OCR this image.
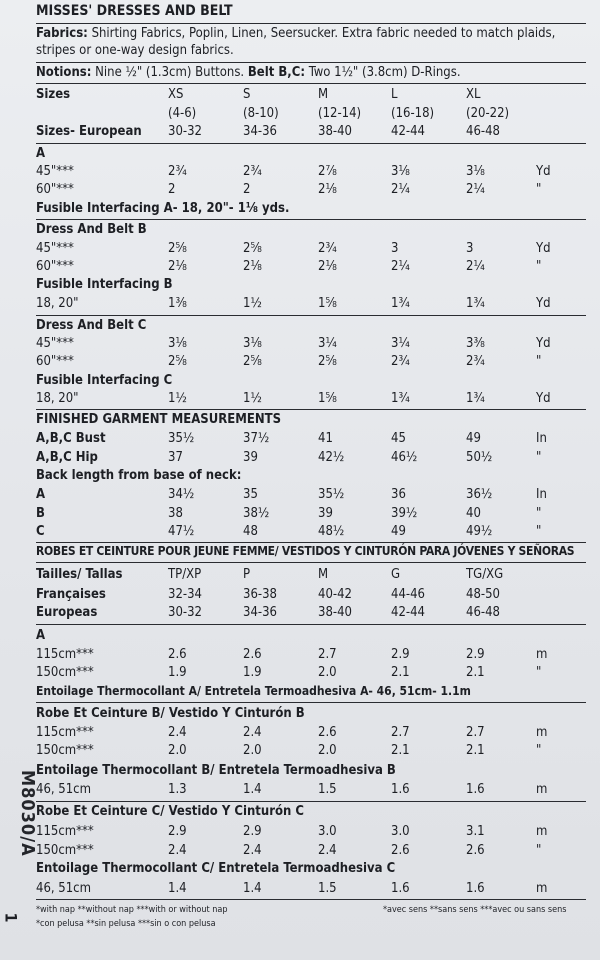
MISSES' DRESSES AND BELT
Fabrics: Shirting Fabrics, Poplin, Linen, Seersucker. Extra fabric needed to match plaids,
stripes or one-way design fabrics.
Notions: Nine ½" (1.3cm) Buttons. Belt B,C: Two 1½" (3.8cm) D-Rings.
Sizes	XS	S	M	L	XL
(4-6)	(8-10)	(12-14) (16-18) (20-22)
Sizes- European 30-32	34-36	38-40	42-44	46-48
A
45"***	2¾	2¾	2⅞	3⅛	3⅛	Yd
60"***	2	2	2⅛	2¼	2¼	"
Fusible Interfacing A- 18, 20"- 1⅛ yds.
Dress And Belt B
45"***	2⅝	2⅝	2¾	3	3	Yd
60"***	2⅛	2⅛	2⅛	2¼	2¼	"
Fusible Interfacing B
18, 20"	1⅜	1½	1⅝	1¾	1¾	Yd
Dress And Belt C
45"***	3⅛	3⅛	3¼	3¼	3⅜	Yd
60"***	2⅝	2⅝	2⅝	2¾	2¾	"
Fusible Interfacing C
18, 20"	1½	1½	1⅝	1¾	1¾	Yd
FINISHED GARMENT MEASUREMENTS
A,B,C Bust	35½	37½	41	45	49	In
A,B,C Hip	37	39	42½	46½	50½	"
Back length from base of neck:
A	34½	35	35½	36	36½	In
B	38	38½	39	39½	40	"
C	47½	48	48½	49	49½	"
ROBES ET CEINTURE POUR JEUNE FEMME/ VESTIDOS Y CINTURÓN PARA JÓVENES Y SEÑORAS
Tailles/ Tallas	TP/XP	P	M	G	TG/XG
Françaises	32-34	36-38	40-42	44-46	48-50
Europeas	30-32	34-36	38-40	42-44	46-48
A
115cm***	2.6	2.6	2.7	2.9	2.9	m
150cm***	1.9	1.9	2.0	2.1	2.1	"
Entoilage Thermocollant A/ Entretela Termoadhesiva A- 46, 51cm- 1.1m
Robe Et Ceinture B/ Vestido Y Cinturón B
115cm***	2.4	2.4	2.6	2.7	2.7	m
150cm***	2.0	2.0	2.0	2.1	2.1	"
Entoilage Thermocollant B/ Entretela Termoadhesiva B
46, 51cm	1.3	1.4	1.5	1.6	1.6	m
Robe Et Ceinture C/ Vestido Y Cinturón C
115cm***	2.9	2.9	3.0	3.0	3.1	m
150cm***	2.4	2.4	2.4	2.6	2.6	"
Entoilage Thermocollant C/ Entretela Termoadhesiva C
46, 51cm	1.4	1.4	1.5	1.6	1.6	m
*with nap **without nap ***with or without nap	*avec sens **sans sens ***avec ou sans sens
*con pelusa **sin pelusa ***sin o con pelusa
M8030/A
1
